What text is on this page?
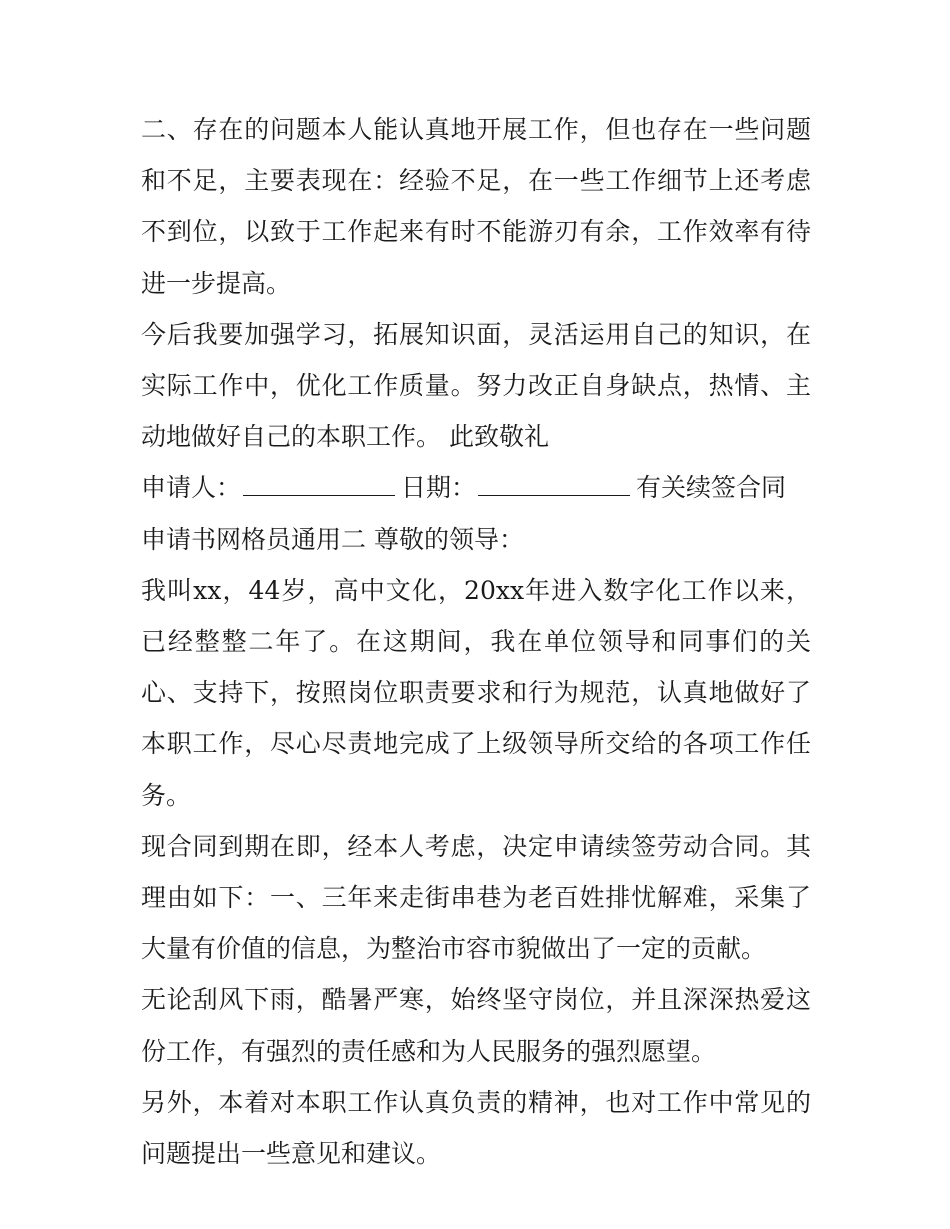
二、存在的问题本人能认真地开展工作，但也存在一些问题和不足，主要表现在：经验不足，在一些工作细节上还考虑不到位，以致于工作起来有时不能游刃有余，工作效率有待进一步提高。

今后我要加强学习，拓展知识面，灵活运用自己的知识，在实际工作中，优化工作质量。努力改正自身缺点，热情、主动地做好自己的本职工作。 此致敬礼

申请人：	日期：	有关续签合同

申请书网格员通用二 尊敬的领导：

我叫xx，44岁，高中文化，20xx年进入数字化工作以来，已经整整二年了。在这期间，我在单位领导和同事们的关心、支持下，按照岗位职责要求和行为规范，认真地做好了本职工作，尽心尽责地完成了上级领导所交给的各项工作任务。

现合同到期在即，经本人考虑，决定申请续签劳动合同。其理由如下：一、三年来走街串巷为老百姓排忧解难，采集了大量有价值的信息，为整治市容市貌做出了一定的贡献。

无论刮风下雨，酷暑严寒，始终坚守岗位，并且深深热爱这份工作，有强烈的责任感和为人民服务的强烈愿望。

另外，本着对本职工作认真负责的精神，也对工作中常见的问题提出一些意见和建议。
